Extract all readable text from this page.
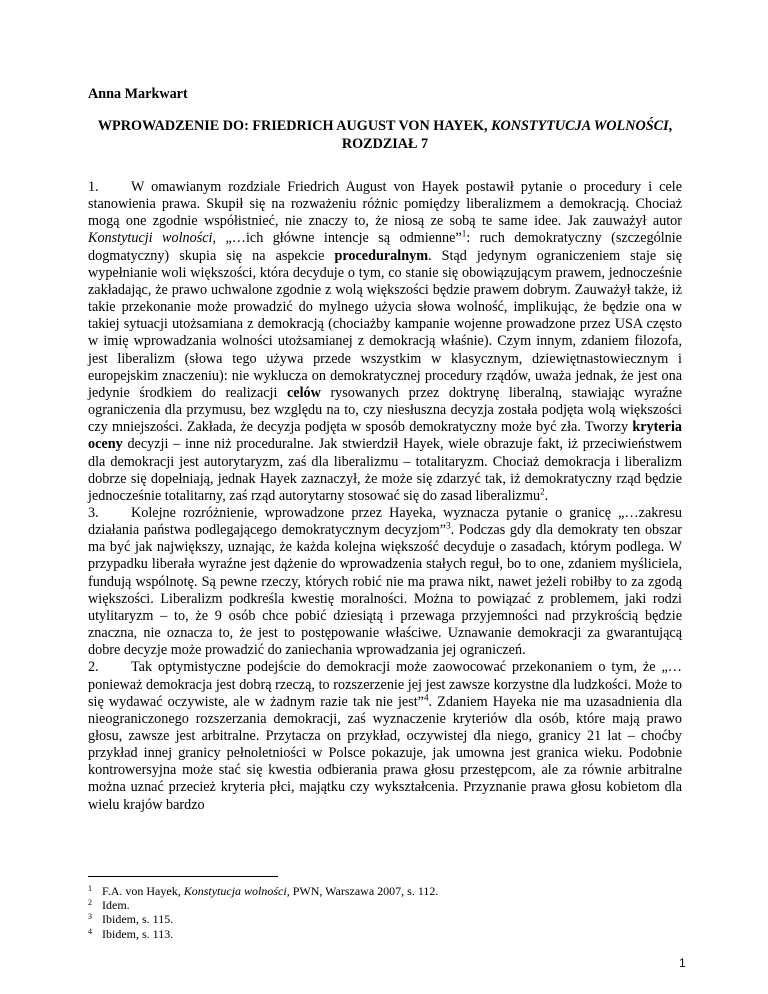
Anna Markwart
WPROWADZENIE DO: FRIEDRICH AUGUST VON HAYEK, KONSTYTUCJA WOLNOŚCI, ROZDZIAŁ 7

1. W omawianym rozdziale Friedrich August von Hayek postawił pytanie o procedury i cele stanowienia prawa. Skupił się na rozważeniu różnic pomiędzy liberalizmem a demokracją. Chociaż mogą one zgodnie współistnieć, nie znaczy to, że niosą ze sobą te same idee. Jak zauważył autor Konstytucji wolności, „…ich główne intencje są odmienne”$^1$: ruch demokratyczny (szczególnie dogmatyczny) skupia się na aspekcie proceduralnym. Stąd jedynym ograniczeniem staje się wypełnianie woli większości, która decyduje o tym, co stanie się obowiązującym prawem, jednocześnie zakładając, że prawo uchwalone zgodnie z wolą większości będzie prawem dobrym. Zauważył także, iż takie przekonanie może prowadzić do mylnego użycia słowa wolność, implikując, że będzie ona w takiej sytuacji utożsamiana z demokracją (chociażby kampanie wojenne prowadzone przez USA często w imię wprowadzania wolności utożsamianej z demokracją właśnie). Czym innym, zdaniem filozofa, jest liberalizm (słowa tego używa przede wszystkim w klasycznym, dziewiętnastowiecznym i europejskim znaczeniu): nie wyklucza on demokratycznej procedury rządów, uważa jednak, że jest ona jedynie środkiem do realizacji celów rysowanych przez doktrynę liberalną, stawiając wyraźne ograniczenia dla przymusu, bez względu na to, czy niesłuszna decyzja została podjęta wolą większości czy mniejszości. Zakłada, że decyzja podjęta w sposób demokratyczny może być zła. Tworzy kryteria oceny decyzji – inne niż proceduralne. Jak stwierdził Hayek, wiele obrazuje fakt, iż przeciwieństwem dla demokracji jest autorytaryzm, zaś dla liberalizmu – totalitaryzm. Chociaż demokracja i liberalizm dobrze się dopełniają, jednak Hayek zaznaczył, że może się zdarzyć tak, iż demokratyczny rząd będzie jednocześnie totalitarny, zaś rząd autorytarny stosować się do zasad liberalizmu$^2$.

3. Kolejne rozróżnienie, wprowadzone przez Hayeka, wyznacza pytanie o granicę „…zakresu działania państwa podlegającego demokratycznym decyzjom”$^3$. Podczas gdy dla demokraty ten obszar ma być jak największy, uznając, że każda kolejna większość decyduje o zasadach, którym podlega. W przypadku liberała wyraźne jest dążenie do wprowadzenia stałych reguł, bo to one, zdaniem myśliciela, fundują wspólnotę. Są pewne rzeczy, których robić nie ma prawa nikt, nawet jeżeli robiłby to za zgodą większości. Liberalizm podkreśla kwestię moralności. Można to powiązać z problemem, jaki rodzi utylitaryzm – to, że 9 osób chce pobić dziesiątą i przewaga przyjemności nad przykrością będzie znaczna, nie oznacza to, że jest to postępowanie właściwe. Uznawanie demokracji za gwarantującą dobre decyzje może prowadzić do zaniechania wprowadzania jej ograniczeń.

2. Tak optymistyczne podejście do demokracji może zaowocować przekonaniem o tym, że „…ponieważ demokracja jest dobrą rzeczą, to rozszerzenie jej jest zawsze korzystne dla ludzkości. Może to się wydawać oczywiste, ale w żadnym razie tak nie jest”$^4$. Zdaniem Hayeka nie ma uzasadnienia dla nieograniczonego rozszerzania demokracji, zaś wyznaczenie kryteriów dla osób, które mają prawo głosu, zawsze jest arbitralne. Przytacza on przykład, oczywistej dla niego, granicy 21 lat – choćby przykład innej granicy pełnoletniości w Polsce pokazuje, jak umowna jest granica wieku. Podobnie kontrowersyjna może stać się kwestia odbierania prawa głosu przestępcom, ale za równie arbitralne można uznać przecież kryteria płci, majątku czy wykształcenia. Przyznanie prawa głosu kobietom dla wielu krajów bardzo

1 F.A. von Hayek, Konstytucja wolności, PWN, Warszawa 2007, s. 112.
2 Idem.
3 Ibidem, s. 115.
4 Ibidem, s. 113.
1
